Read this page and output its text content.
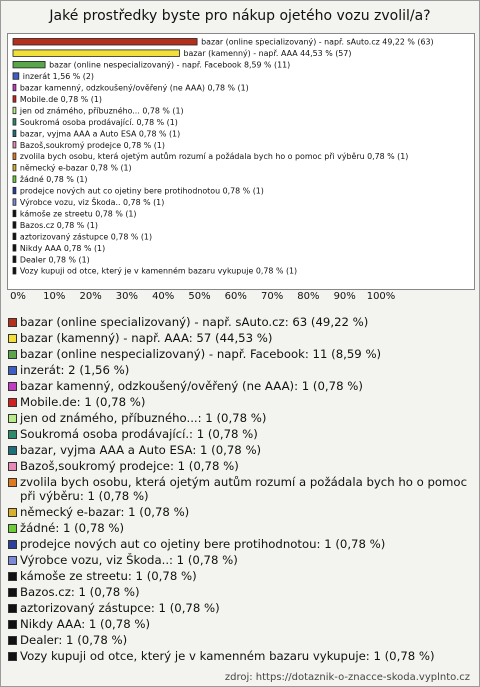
Jaké prostředky byste pro nákup ojetého vozu zvolil/a?
bazar (online specializovaný) - např. sAuto.cz 49,22 % (63)
bazar (kamenný) - např. AAA 44,53 % (57)
bazar (online nespecializovaný) - např. Facebook 8,59 % (11)
inzerát 1,56 % (2)
bazar kamenný, odzkoušený/ověřený (ne AAA) 0,78 % (1)
Mobile.de 0,78 % (1)
jen od známého, příbuzného... 0,78 % (1)
Soukromá osoba prodávající. 0,78 % (1)
bazar, vyjma AAA a Auto ESA 0,78 % (1)
Bazoš,soukromý prodejce 0,78 % (1)
zvolila bych osobu, která ojetým autům rozumí a požádala bych ho o pomoc při výběru 0,78 % (1)
německý e-bazar 0,78 % (1)
žádné 0,78 % (1)
prodejce nových aut co ojetiny bere protihodnotou 0,78 % (1)
Výrobce vozu, viz Škoda.. 0,78 % (1)
kámoše ze streetu 0,78 % (1)
Bazos.cz 0,78 % (1)
aztorizovaný zástupce 0,78 % (1)
Nikdy AAA 0,78 % (1)
Dealer 0,78 % (1)
Vozy kupuji od otce, který je v kamenném bazaru vykupuje 0,78 % (1)
0%	10%	20%	30%	40%	50%	60%	70%	80%	90%	100%
bazar (online specializovaný) - např. sAuto.cz: 63 (49,22 %)
bazar (kamenný) - např. AAA: 57 (44,53 %)
bazar (online nespecializovaný) - např. Facebook: 11 (8,59 %)
inzerát: 2 (1,56 %)
bazar kamenný, odzkoušený/ověřený (ne AAA): 1 (0,78 %)
Mobile.de: 1 (0,78 %)
jen od známého, příbuzného...: 1 (0,78 %)
Soukromá osoba prodávající.: 1 (0,78 %)
bazar, vyjma AAA a Auto ESA: 1 (0,78 %)
Bazoš,soukromý prodejce: 1 (0,78 %)
zvolila bych osobu, která ojetým autům rozumí a požádala bych ho o pomoc při výběru: 1 (0,78 %)
německý e-bazar: 1 (0,78 %)
žádné: 1 (0,78 %)
prodejce nových aut co ojetiny bere protihodnotou: 1 (0,78 %)
Výrobce vozu, viz Škoda..: 1 (0,78 %)
kámoše ze streetu: 1 (0,78 %)
Bazos.cz: 1 (0,78 %)
aztorizovaný zástupce: 1 (0,78 %)
Nikdy AAA: 1 (0,78 %)
Dealer: 1 (0,78 %)
Vozy kupuji od otce, který je v kamenném bazaru vykupuje: 1 (0,78 %)
zdroj: https://dotaznik-o-znacce-skoda.vyplnto.cz
